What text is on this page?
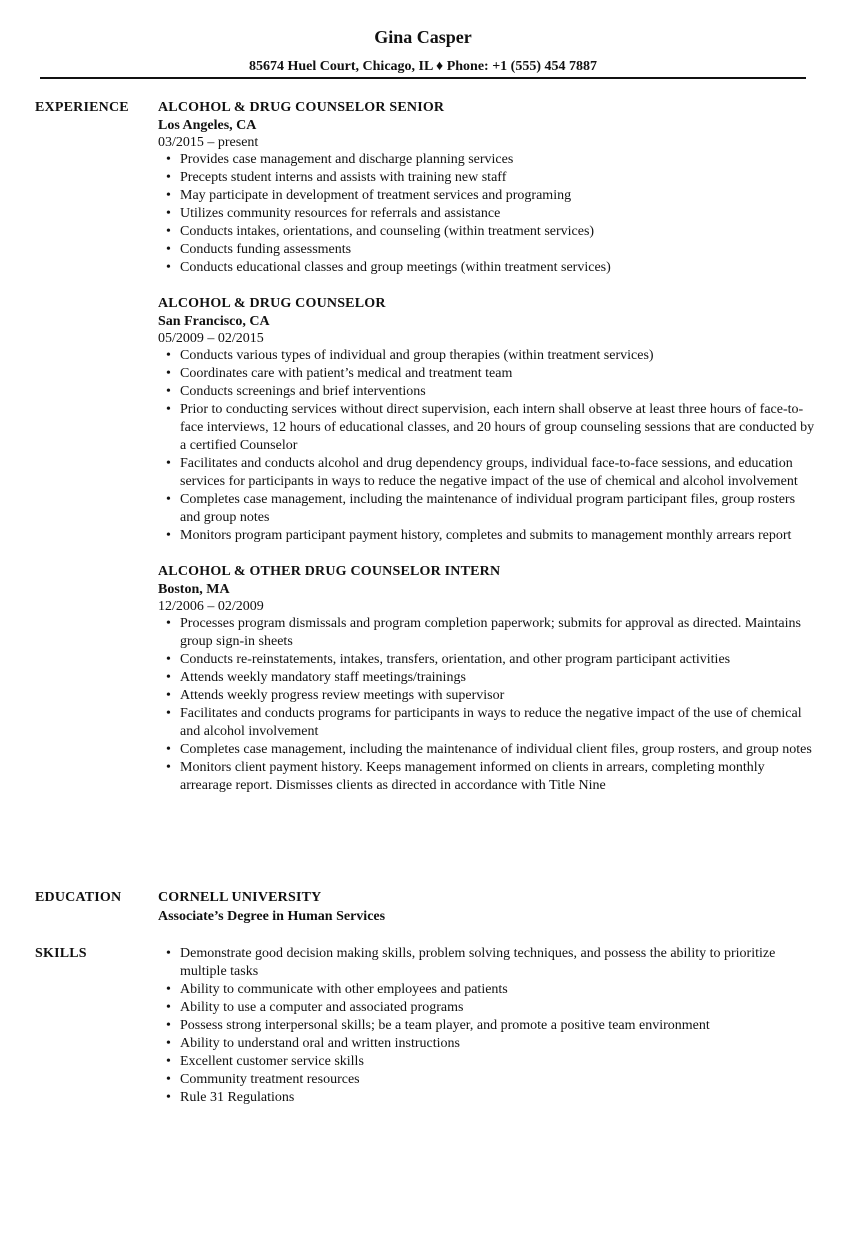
Gina Casper
85674 Huel Court, Chicago, IL ♦ Phone: +1 (555) 454 7887
EXPERIENCE ALCOHOL & DRUG COUNSELOR SENIOR
Los Angeles, CA
03/2015 – present
• Provides case management and discharge planning services
• Precepts student interns and assists with training new staff
• May participate in development of treatment services and programing
• Utilizes community resources for referrals and assistance
• Conducts intakes, orientations, and counseling (within treatment services)
• Conducts funding assessments
• Conducts educational classes and group meetings (within treatment services)
ALCOHOL & DRUG COUNSELOR
San Francisco, CA
05/2009 – 02/2015
• Conducts various types of individual and group therapies (within treatment services)
• Coordinates care with patient’s medical and treatment team
• Conducts screenings and brief interventions
• Prior to conducting services without direct supervision, each intern shall observe at least three hours of face-to-face interviews, 12 hours of educational classes, and 20 hours of group counseling sessions that are conducted by a certified Counselor
• Facilitates and conducts alcohol and drug dependency groups, individual face-to-face sessions, and education services for participants in ways to reduce the negative impact of the use of chemical and alcohol involvement
• Completes case management, including the maintenance of individual program participant files, group rosters and group notes
• Monitors program participant payment history, completes and submits to management monthly arrears report
ALCOHOL & OTHER DRUG COUNSELOR INTERN
Boston, MA
12/2006 – 02/2009
• Processes program dismissals and program completion paperwork; submits for approval as directed. Maintains group sign-in sheets
• Conducts re-reinstatements, intakes, transfers, orientation, and other program participant activities
• Attends weekly mandatory staff meetings/trainings
• Attends weekly progress review meetings with supervisor
• Facilitates and conducts programs for participants in ways to reduce the negative impact of the use of chemical and alcohol involvement
• Completes case management, including the maintenance of individual client files, group rosters, and group notes
• Monitors client payment history. Keeps management informed on clients in arrears, completing monthly arrearage report. Dismisses clients as directed in accordance with Title Nine
EDUCATION	CORNELL UNIVERSITY
Associate’s Degree in Human Services
SKILLS
•	Demonstrate good decision making skills, problem solving techniques, and possess the ability to prioritize multiple tasks
• Ability to communicate with other employees and patients
• Ability to use a computer and associated programs
• Possess strong interpersonal skills; be a team player, and promote a positive team environment
• Ability to understand oral and written instructions
• Excellent customer service skills
• Community treatment resources
• Rule 31 Regulations
